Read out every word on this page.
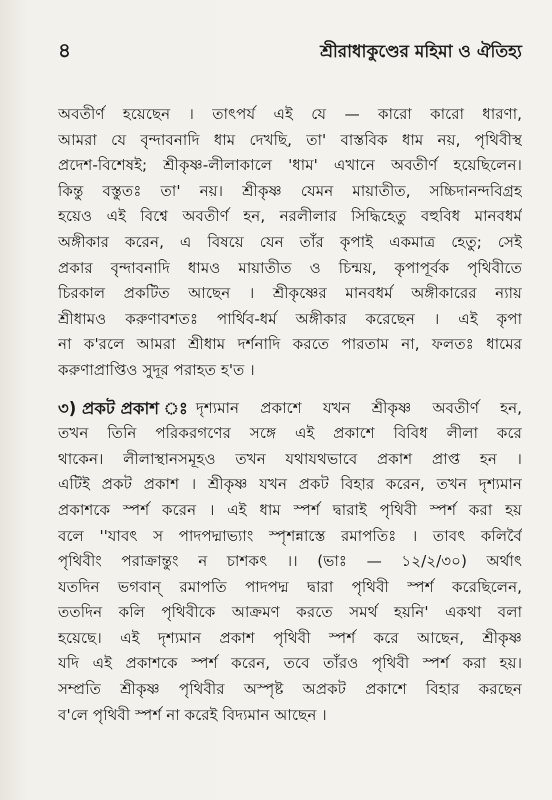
৪	শ্রীরাধাকুণ্ডের মহিমা ও ঐতিহ্য
অবতীর্ণ হয়েছেন । তাৎপর্য এই যে — কারো কারো ধারণা,
আমরা যে বৃন্দাবনাদি ধাম দেখছি, তা' বাস্তবিক ধাম নয়, পৃথিবীস্থ
প্রদেশ-বিশেষই; শ্রীকৃষ্ণ-লীলাকালে 'ধাম' এখানে অবতীর্ণ হয়েছিলেন।
কিন্তু বস্তুতঃ তা' নয়। শ্রীকৃষ্ণ যেমন মায়াতীত, সচ্চিদানন্দবিগ্রহ
হয়েও এই বিশ্বে অবতীর্ণ হন, নরলীলার সিদ্ধিহেতু বহুবিধ মানবধর্ম
অঙ্গীকার করেন, এ বিষয়ে যেন তাঁর কৃপাই একমাত্র হেতু; সেই
প্রকার বৃন্দাবনাদি ধামও মায়াতীত ও চিন্ময়, কৃপাপূর্বক পৃথিবীতে
চিরকাল প্রকটিত আছেন । শ্রীকৃষ্ণের মানবধর্ম অঙ্গীকারের ন্যায়
শ্রীধামও করুণাবশতঃ পার্থিব-ধর্ম অঙ্গীকার করেছেন । এই কৃপা
না ক'রলে আমরা শ্রীধাম দর্শনাদি করতে পারতাম না, ফলতঃ ধামের
করুণাপ্রাপ্তিও সুদূর পরাহত হ'ত ।
৩) প্রকট প্রকাশ ঃ দৃশ্যমান প্রকাশে যখন শ্রীকৃষ্ণ অবতীর্ণ হন,
তখন তিনি পরিকরগণের সঙ্গে এই প্রকাশে বিবিধ লীলা করে
থাকেন। লীলাস্থানসমূহও তখন যথাযথভাবে প্রকাশ প্রাপ্ত হন ।
এটিই প্রকট প্রকাশ । শ্রীকৃষ্ণ যখন প্রকট বিহার করেন, তখন দৃশ্যমান
প্রকাশকে স্পর্শ করেন । এই ধাম স্পর্শ দ্বারাই পৃথিবী স্পর্শ করা হয়
বলে ''যাবৎ স পাদপদ্মাভ্যাং স্পৃশন্নাস্তে রমাপতিঃ । তাবৎ কলির্বৈ
পৃথিবীং পরাক্রান্তুং ন চাশকৎ ।। (ভাঃ — ১২/২/৩০) অর্থাৎ
যতদিন ভগবান্ রমাপতি পাদপদ্ম দ্বারা পৃথিবী স্পর্শ করেছিলেন,
ততদিন কলি পৃথিবীকে আক্রমণ করতে সমর্থ হয়নি' একথা বলা
হয়েছে। এই দৃশ্যমান প্রকাশ পৃথিবী স্পর্শ করে আছেন, শ্রীকৃষ্ণ
যদি এই প্রকাশকে স্পর্শ করেন, তবে তাঁরও পৃথিবী স্পর্শ করা হয়।
সম্প্রতি শ্রীকৃষ্ণ পৃথিবীর অস্পৃষ্ট অপ্রকট প্রকাশে বিহার করছেন
ব'লে পৃথিবী স্পর্শ না করেই বিদ্যমান আছেন ।
